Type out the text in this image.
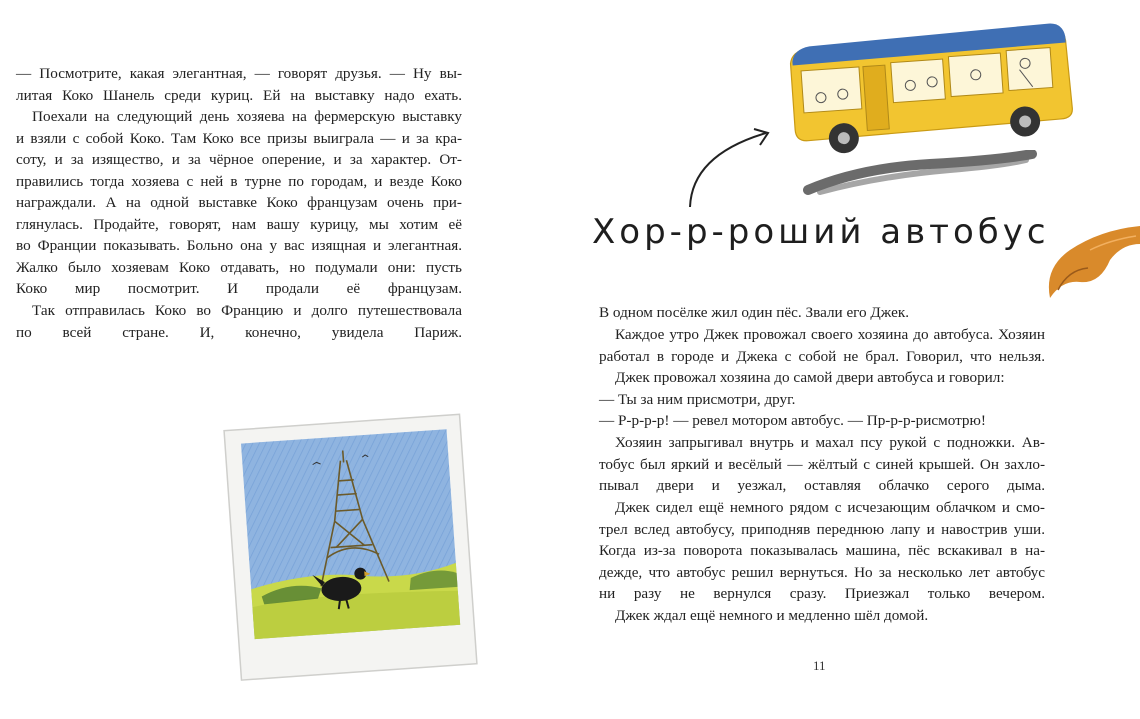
— Посмотрите, какая элегантная, — говорят друзья. — Ну вы-
литая Коко Шанель среди куриц. Ей на выставку надо ехать.

Поехали на следующий день хозяева на фермерскую выставку
и взяли с собой Коко. Там Коко все призы выиграла — и за кра-
соту, и за изящество, и за чёрное оперение, и за характер. От-
правились тогда хозяева с ней в турне по городам, и везде Коко
награждали. А на одной выставке Коко французам очень при-
глянулась. Продайте, говорят, нам вашу курицу, мы хотим её
во Франции показывать. Больно она у вас изящная и элегантная.
Жалко было хозяевам Коко отдавать, но подумали они: пусть
Коко мир посмотрит. И продали её французам.

Так отправилась Коко во Францию и долго путешествовала
по всей стране. И, конечно, увидела Париж.

Хор-р-роший автобус

В одном посёлке жил один пёс. Звали его Джек.

Каждое утро Джек провожал своего хозяина до автобуса. Хозяин
работал в городе и Джека с собой не брал. Говорил, что нельзя.

Джек провожал хозяина до самой двери автобуса и говорил:

— Ты за ним присмотри, друг.

— Р-р-р-р! — ревел мотором автобус. — Пр-р-р-рисмотрю!

Хозяин запрыгивал внутрь и махал псу рукой с подножки. Ав-
тобус был яркий и весёлый — жёлтый с синей крышей. Он захло-
пывал двери и уезжал, оставляя облачко серого дыма.

Джек сидел ещё немного рядом с исчезающим облачком и смо-
трел вслед автобусу, приподняв переднюю лапу и навострив уши.
Когда из-за поворота показывалась машина, пёс вскакивал в на-
дежде, что автобус решил вернуться. Но за несколько лет автобус
ни разу не вернулся сразу. Приезжал только вечером.

Джек ждал ещё немного и медленно шёл домой.

11
